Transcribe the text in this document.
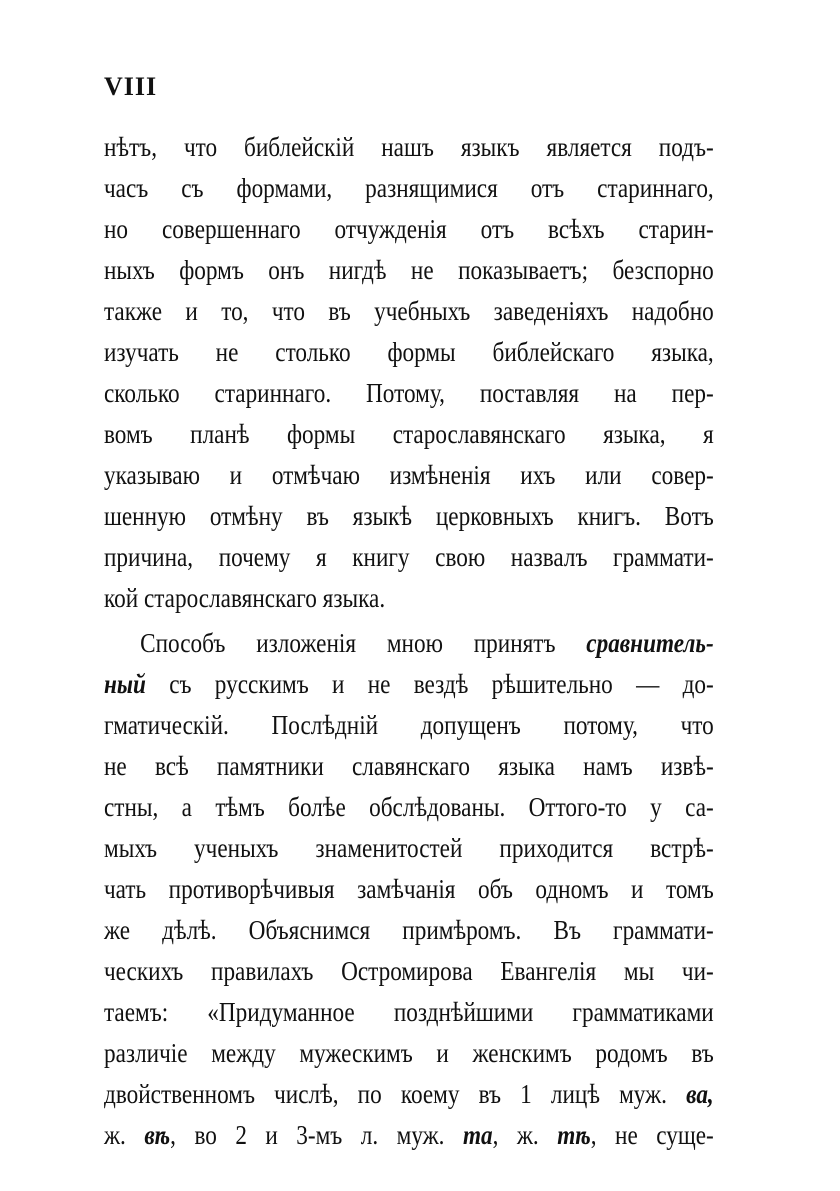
VIII
нѣтъ, что библейскій нашъ языкъ является подъ-
часъ съ формами, разнящимися отъ стариннаго,
но совершеннаго отчужденія отъ всѣхъ старин-
ныхъ формъ онъ нигдѣ не показываетъ; безспорно
также и то, что въ учебныхъ заведеніяхъ надобно
изучать не столько формы библейскаго языка,
сколько стариннаго. Потому, поставляя на пер-
вомъ планѣ формы старославянскаго языка, я
указываю и отмѣчаю измѣненія ихъ или совер-
шенную отмѣну въ языкѣ церковныхъ книгъ. Вотъ
причина, почему я книгу свою назвалъ граммати-
кой старославянскаго языка.
Способъ изложенія мною принятъ сравнитель-
ный съ русскимъ и не вездѣ рѣшительно — до-
гматическій. Послѣдній допущенъ потому, что
не всѣ памятники славянскаго языка намъ извѣ-
стны, а тѣмъ болѣе обслѣдованы. Оттого-то у са-
мыхъ ученыхъ знаменитостей приходится встрѣ-
чать противорѣчивыя замѣчанія объ одномъ и томъ
же дѣлѣ. Объяснимся примѣромъ. Въ граммати-
ческихъ правилахъ Остромирова Евангелія мы чи-
таемъ: «Придуманное позднѣйшими грамматиками
различіе между мужескимъ и женскимъ родомъ въ
двойственномъ числѣ, по коему въ 1 лицѣ муж. ва,
ж. вѣ, во 2 и 3-мъ л. муж. та, ж. тѣ, не суще-
